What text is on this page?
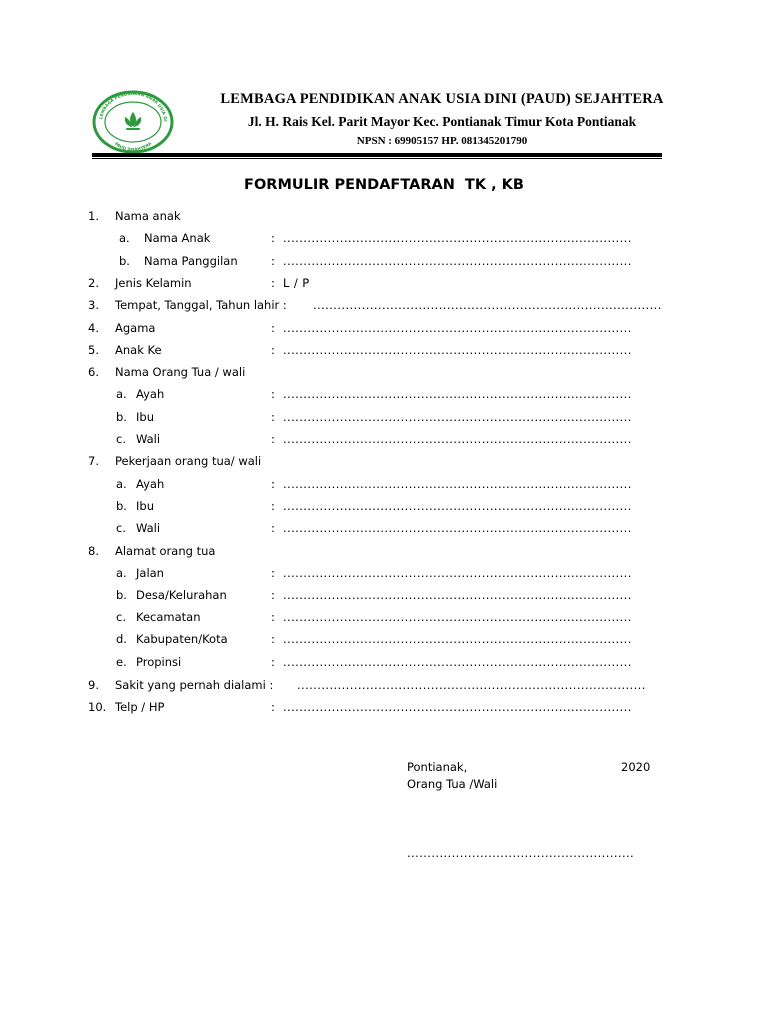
LEMBAGA PENDIDIKAN ANAK USIA DI
PAUD SEJAHTERA
LEMBAGA PENDIDIKAN ANAK USIA DINI (PAUD) SEJAHTERA
Jl. H. Rais Kel. Parit Mayor Kec. Pontianak Timur Kota Pontianak
NPSN : 69905157 HP. 081345201790
FORMULIR PENDAFTARAN  TK , KB
1. Nama anak
a. Nama Anak	: ......................................................................................
b. Nama Panggilan	: ......................................................................................
2. Jenis Kelamin	: L / P
3. Tempat, Tanggal, Tahun lahir : ......................................................................................
4. Agama	: ......................................................................................
5. Anak Ke	: ......................................................................................
6. Nama Orang Tua / wali
a. Ayah	: ......................................................................................
b. Ibu	: ......................................................................................
c. Wali	: ......................................................................................
7. Pekerjaan orang tua/ wali
a. Ayah	: ......................................................................................
b. Ibu	: ......................................................................................
c. Wali	: ......................................................................................
8. Alamat orang tua
a. Jalan	: ......................................................................................
b. Desa/Kelurahan	: ......................................................................................
c. Kecamatan	: ......................................................................................
d. Kabupaten/Kota	: ......................................................................................
e. Propinsi	: ......................................................................................
9. Sakit yang pernah dialami : ......................................................................................
10. Telp / HP	: ......................................................................................
Pontianak,	2020
Orang Tua /Wali
........................................................
